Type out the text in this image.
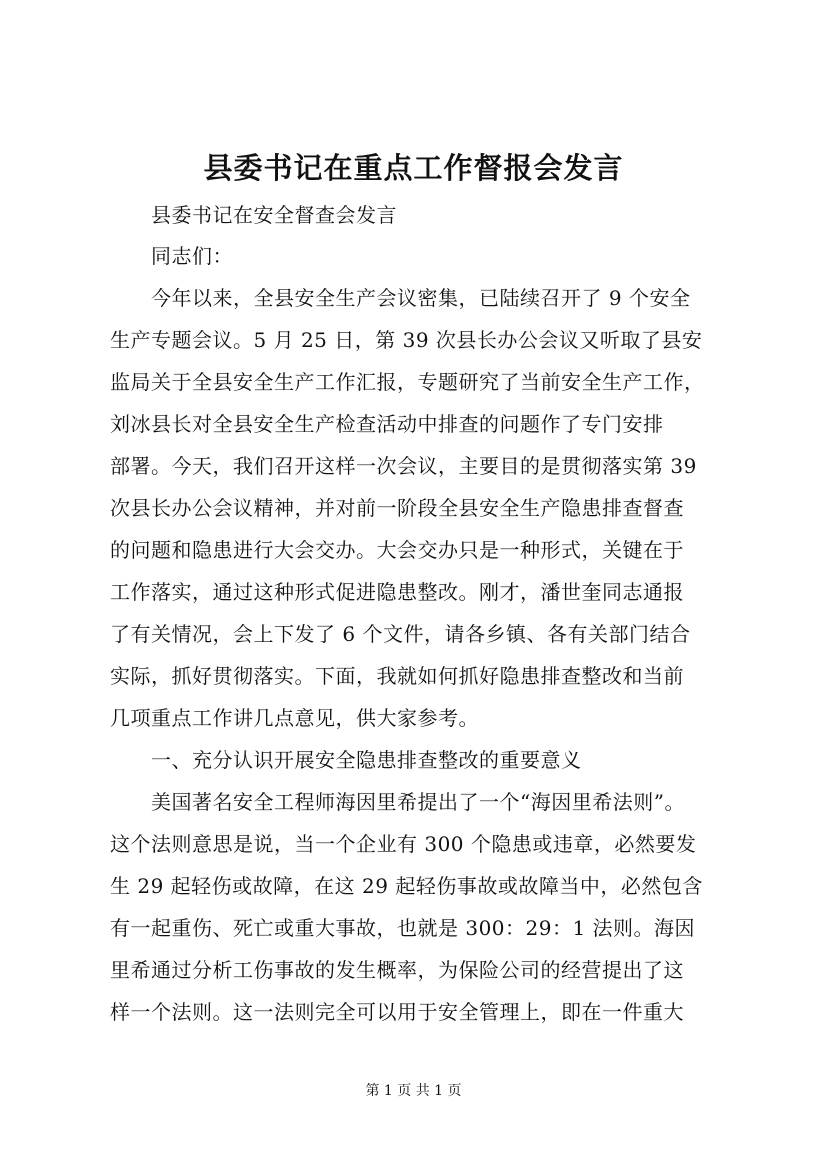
县委书记在重点工作督报会发言
　　县委书记在安全督查会发言
　　同志们：
　　今年以来，全县安全生产会议密集，已陆续召开了 9 个安全
生产专题会议。5 月 25 日，第 39 次县长办公会议又听取了县安
监局关于全县安全生产工作汇报，专题研究了当前安全生产工作，
刘冰县长对全县安全生产检查活动中排查的问题作了专门安排
部署。今天，我们召开这样一次会议，主要目的是贯彻落实第 39
次县长办公会议精神，并对前一阶段全县安全生产隐患排查督查
的问题和隐患进行大会交办。大会交办只是一种形式，关键在于
工作落实，通过这种形式促进隐患整改。刚才，潘世奎同志通报
了有关情况，会上下发了 6 个文件，请各乡镇、各有关部门结合
实际，抓好贯彻落实。下面，我就如何抓好隐患排查整改和当前
几项重点工作讲几点意见，供大家参考。
　　一、充分认识开展安全隐患排查整改的重要意义
　　美国著名安全工程师海因里希提出了一个“海因里希法则”。
这个法则意思是说，当一个企业有 300 个隐患或违章，必然要发
生 29 起轻伤或故障，在这 29 起轻伤事故或故障当中，必然包含
有一起重伤、死亡或重大事故，也就是 300：29：1 法则。海因
里希通过分析工伤事故的发生概率，为保险公司的经营提出了这
样一个法则。这一法则完全可以用于安全管理上，即在一件重大
第 1 页 共 1 页
